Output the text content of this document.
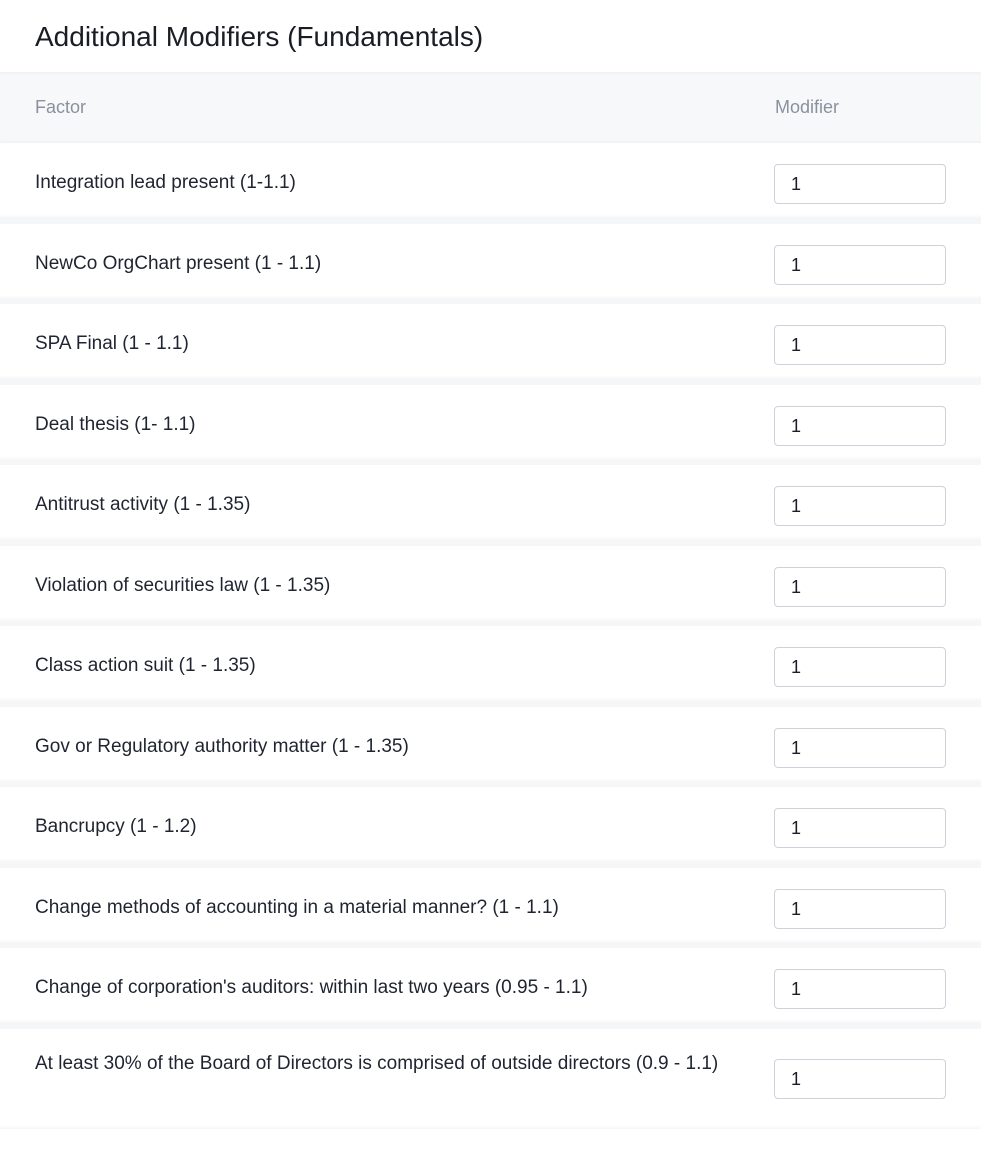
Additional Modifiers (Fundamentals)
Factor	Modifier
Integration lead present (1-1.1)
1
NewCo OrgChart present (1 - 1.1)
1
SPA Final (1 - 1.1)
1
Deal thesis (1- 1.1)
1
Antitrust activity (1 - 1.35)
1
Violation of securities law (1 - 1.35)
1
Class action suit (1 - 1.35)
1
Gov or Regulatory authority matter (1 - 1.35)
1
Bancrupcy (1 - 1.2)
1
Change methods of accounting in a material manner? (1 - 1.1)
1
Change of corporation's auditors: within last two years (0.95 - 1.1)
1
At least 30% of the Board of Directors is comprised of outside directors (0.9 - 1.1)
1
